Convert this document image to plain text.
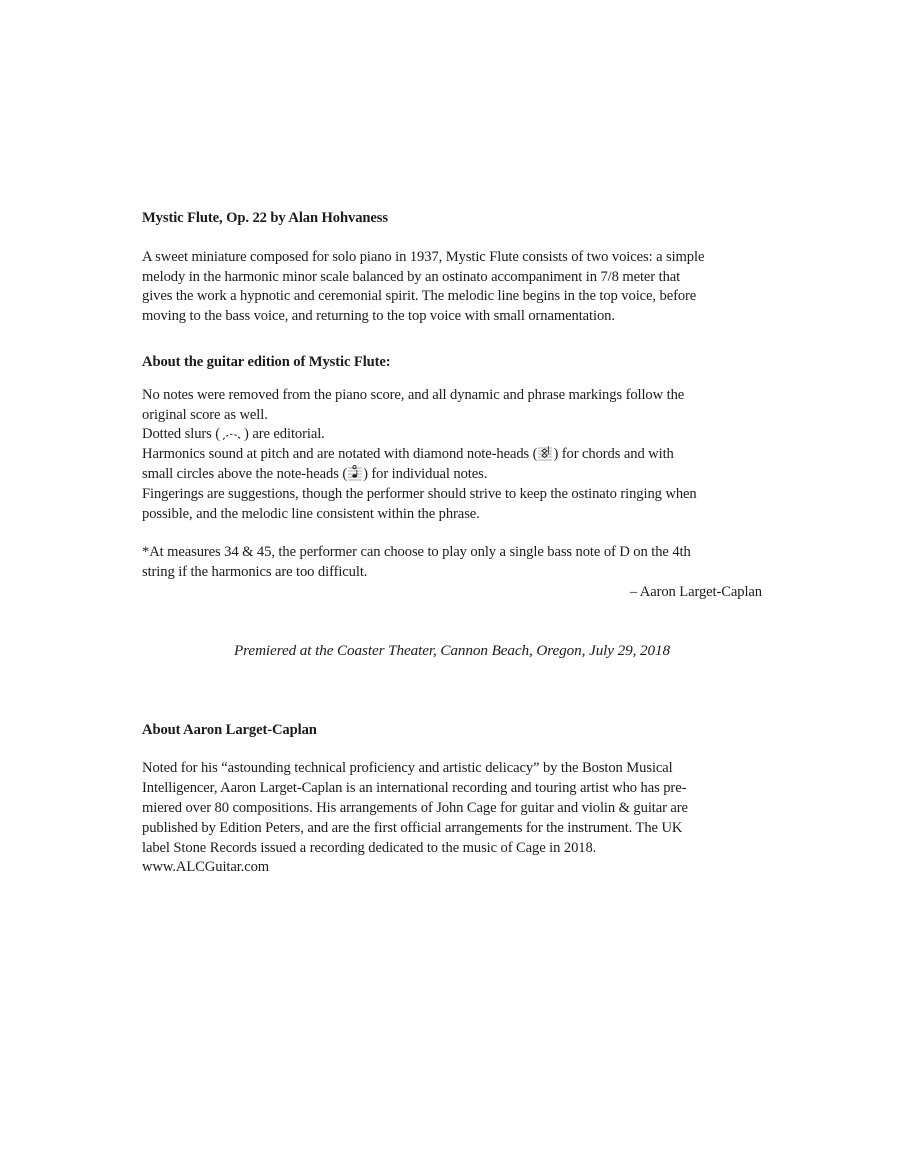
Mystic Flute, Op. 22 by Alan Hohvaness
A sweet miniature composed for solo piano in 1937, Mystic Flute consists of two voices: a simple
melody in the harmonic minor scale balanced by an ostinato accompaniment in 7/8 meter that
gives the work a hypnotic and ceremonial spirit. The melodic line begins in the top voice, before
moving to the bass voice, and returning to the top voice with small ornamentation.
About the guitar edition of Mystic Flute:
No notes were removed from the piano score, and all dynamic and phrase markings follow the
original score as well.
Dotted slurs ( ) are editorial.
Harmonics sound at pitch and are notated with diamond note-heads ( ) for chords and with
small circles above the note-heads ( ) for individual notes.
Fingerings are suggestions, though the performer should strive to keep the ostinato ringing when
possible, and the melodic line consistent within the phrase.
*At measures 34 & 45, the performer can choose to play only a single bass note of D on the 4th
string if the harmonics are too difficult.
– Aaron Larget-Caplan
Premiered at the Coaster Theater, Cannon Beach, Oregon, July 29, 2018
About Aaron Larget-Caplan
Noted for his “astounding technical proficiency and artistic delicacy” by the Boston Musical
Intelligencer, Aaron Larget-Caplan is an international recording and touring artist who has pre-
miered over 80 compositions. His arrangements of John Cage for guitar and violin & guitar are
published by Edition Peters, and are the first official arrangements for the instrument. The UK
label Stone Records issued a recording dedicated to the music of Cage in 2018.
www.ALCGuitar.com
